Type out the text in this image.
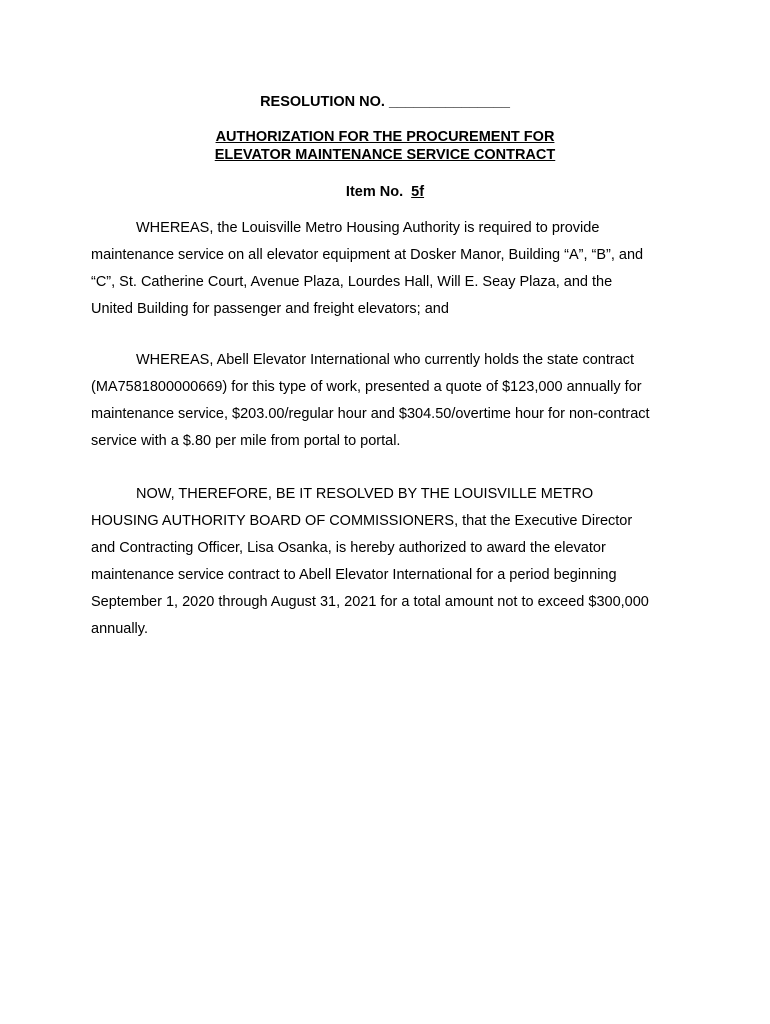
RESOLUTION NO. _______________
AUTHORIZATION FOR THE PROCUREMENT FOR
ELEVATOR MAINTENANCE SERVICE CONTRACT
Item No. 5f
WHEREAS, the Louisville Metro Housing Authority is required to provide
maintenance service on all elevator equipment at Dosker Manor, Building “A”, “B”, and
“C”, St. Catherine Court, Avenue Plaza, Lourdes Hall, Will E. Seay Plaza, and the
United Building for passenger and freight elevators; and
WHEREAS, Abell Elevator International who currently holds the state contract
(MA7581800000669) for this type of work, presented a quote of $123,000 annually for
maintenance service, $203.00/regular hour and $304.50/overtime hour for non-contract
service with a $.80 per mile from portal to portal.
NOW, THEREFORE, BE IT RESOLVED BY THE LOUISVILLE METRO
HOUSING AUTHORITY BOARD OF COMMISSIONERS, that the Executive Director
and Contracting Officer, Lisa Osanka, is hereby authorized to award the elevator
maintenance service contract to Abell Elevator International for a period beginning
September 1, 2020 through August 31, 2021 for a total amount not to exceed $300,000
annually.
